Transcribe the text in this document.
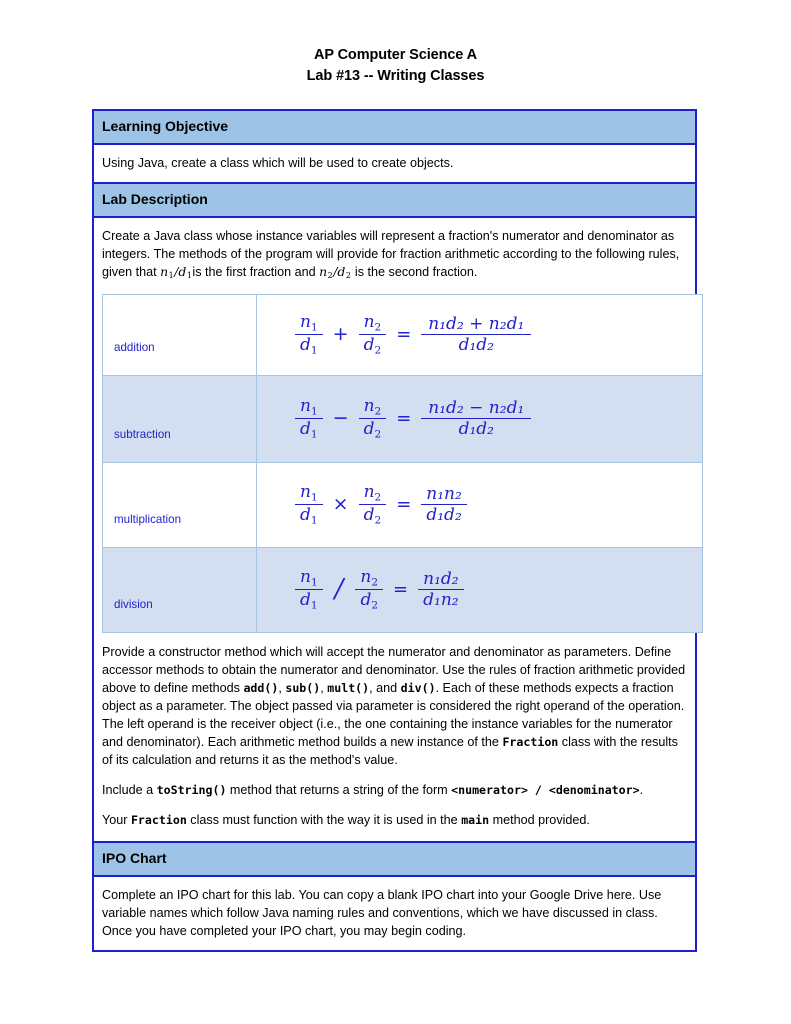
AP Computer Science A
Lab #13 -- Writing Classes
Learning Objective

Using Java, create a class which will be used to create objects.

Lab Description

Create a Java class whose instance variables will represent a fraction's numerator and denominator as integers. The methods of the program will provide for fraction arithmetic according to the following rules, given that $n_1/d_1is$ the first fraction and $n_2/d_2$ is the second fraction.

addition	$\frac{n_1}{d_1} + \frac{n_2}{d_2} = \frac{\text{n₁d₂ + n₂d₁}}{\text{d₁d₂}}$

subtraction	$\frac{n_1}{d_1} - \frac{n_2}{d_2} = \frac{\text{n₁d₂ − n₂d₁}}{\text{d₁d₂}}$

multiplication	$\frac{n_1}{d_1} \times \frac{n_2}{d_2} = \frac{\text{n₁n₂}}{\text{d₁d₂}}$

division	$\frac{n_1}{d_1} / \frac{n_2}{d_2} = \frac{\text{n₁d₂}}{\text{d₁n₂}}$

Provide a constructor method which will accept the numerator and denominator as parameters. Define accessor methods to obtain the numerator and denominator. Use the rules of fraction arithmetic provided above to define methods add(), sub(), mult(), and div(). Each of these methods expects a fraction object as a parameter. The object passed via parameter is considered the right operand of the operation. The left operand is the receiver object (i.e., the one containing the instance variables for the numerator and denominator). Each arithmetic method builds a new instance of the Fraction class with the results of its calculation and returns it as the method's value.

Include a toString() method that returns a string of the form <numerator> / <denominator>.

Your Fraction class must function with the way it is used in the main method provided.

IPO Chart

Complete an IPO chart for this lab. You can copy a blank IPO chart into your Google Drive here. Use variable names which follow Java naming rules and conventions, which we have discussed in class. Once you have completed your IPO chart, you may begin coding.
